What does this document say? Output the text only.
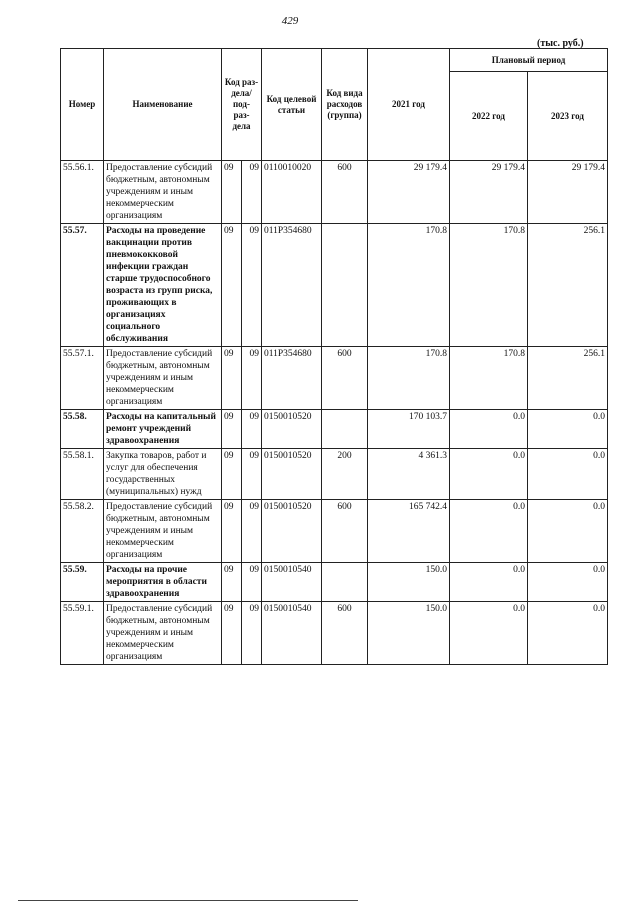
429
(тыс. руб.)
Номер	Наименование	Код раз- дела/ под- раз- дела		Код целевой статьи	Код вида расходов (группа)	2021 год	Плановый период	
							2022 год	2023 год
55.56.1.	Предоставление субсидий бюджетным, автономным учреждениям и иным некоммерческим организациям	09	09	0110010020	600	29 179.4	29 179.4	29 179.4
55.57.	Расходы на проведение вакцинации против пневмококковой инфекции граждан старше трудоспособного возраста из групп риска, проживающих в организациях социального обслуживания	09	09	011P354680		170.8	170.8	256.1
55.57.1.	Предоставление субсидий бюджетным, автономным учреждениям и иным некоммерческим организациям	09	09	011P354680	600	170.8	170.8	256.1
55.58.	Расходы на капитальный ремонт учреждений здравоохранения	09	09	0150010520		170 103.7	0.0	0.0
55.58.1.	Закупка товаров, работ и услуг для обеспечения государственных (муниципальных) нужд	09	09	0150010520	200	4 361.3	0.0	0.0
55.58.2.	Предоставление субсидий бюджетным, автономным учреждениям и иным некоммерческим организациям	09	09	0150010520	600	165 742.4	0.0	0.0
55.59.	Расходы на прочие мероприятия в области здравоохранения	09	09	0150010540		150.0	0.0	0.0
55.59.1.	Предоставление субсидий бюджетным, автономным учреждениям и иным некоммерческим организациям	09	09	0150010540	600	150.0	0.0	0.0
